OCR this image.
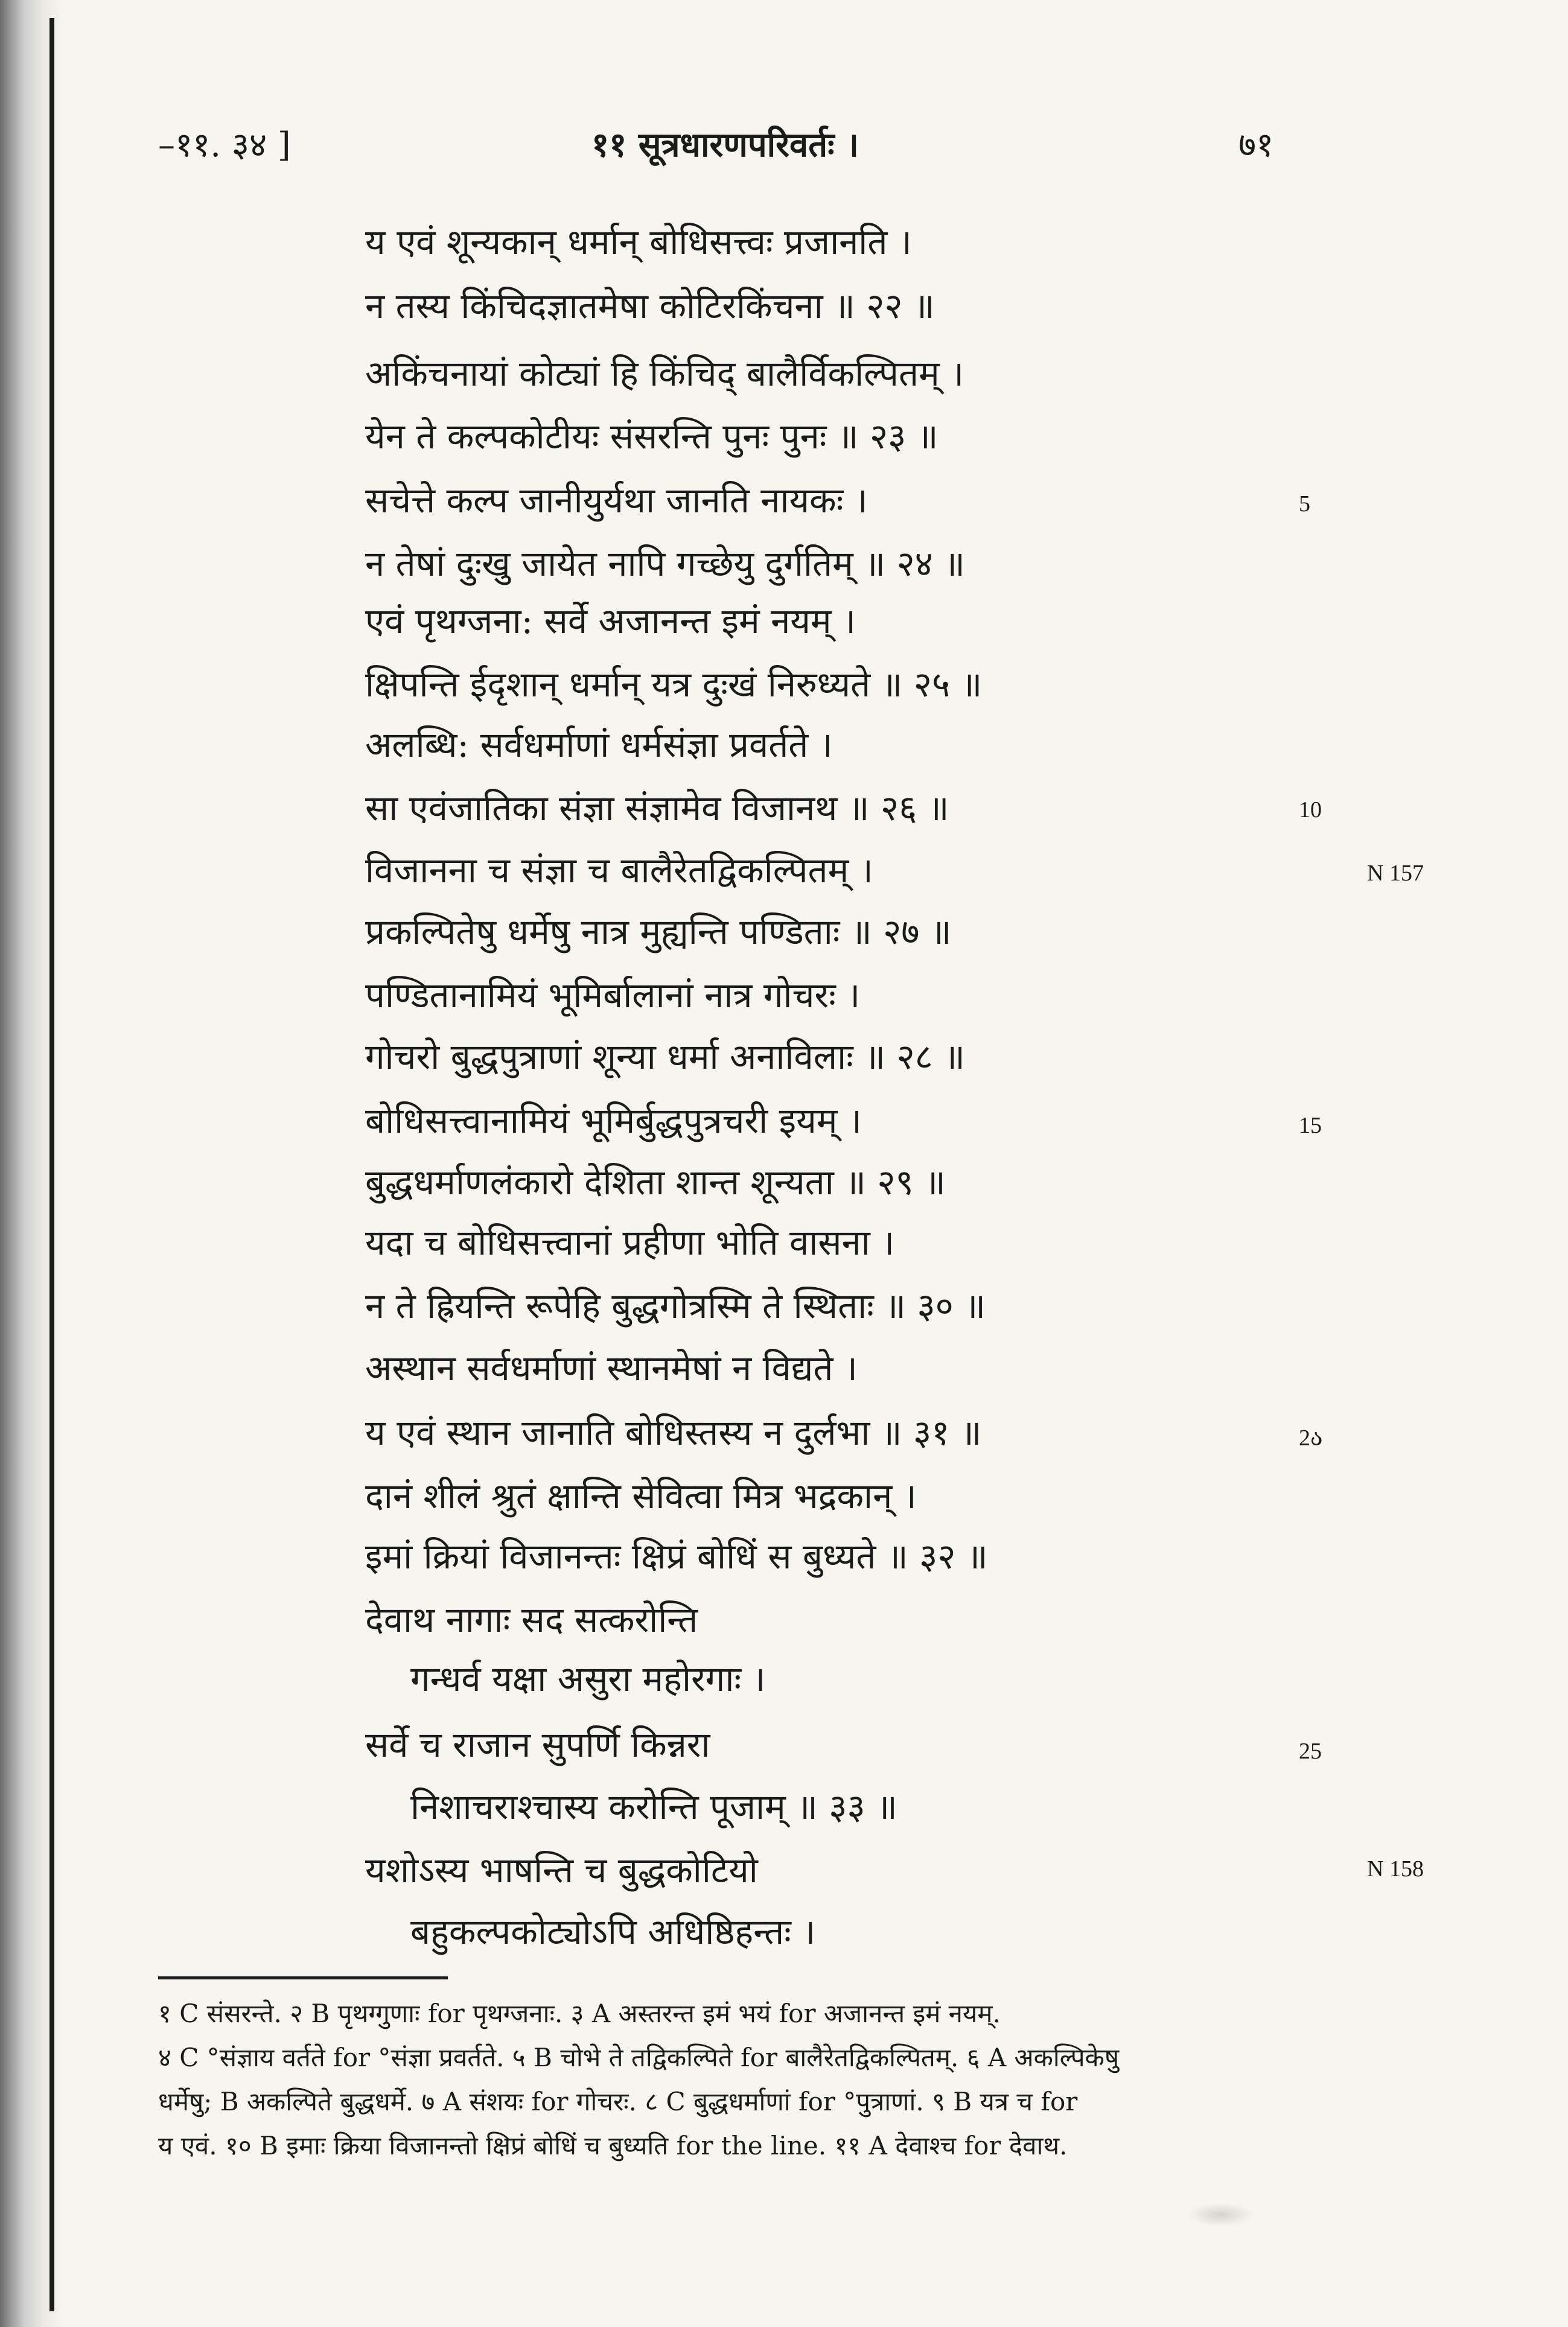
–११. ३४ ]	११ सूत्रधारणपरिवर्तः ।	७१
य एवं शून्यकान् धर्मान् बोधिसत्त्वः प्रजानति ।
न तस्य किंचिदज्ञातमेषा कोटिरकिंचना ॥ २२ ॥
अकिंचनायां कोट्यां हि किंचिद् बालैर्विकल्पितम् ।
येन ते कल्पकोटीयः संसरन्ति पुनः पुनः ॥ २३ ॥
सचेत्ते कल्प जानीयुर्यथा जानति नायकः ।
न तेषां दुःखु जायेत नापि गच्छेयु दुर्गतिम् ॥ २४ ॥
एवं पृथग्जना: सर्वे अजानन्त इमं नयम् ।
क्षिपन्ति ईदृशान् धर्मान् यत्र दुःखं निरुध्यते ॥ २५ ॥
अलब्धि: सर्वधर्माणां धर्मसंज्ञा प्रवर्तते ।
सा एवंजातिका संज्ञा संज्ञामेव विजानथ ॥ २६ ॥
विजानना च संज्ञा च बालैरेतद्विकल्पितम् ।
प्रकल्पितेषु धर्मेषु नात्र मुह्यन्ति पण्डिताः ॥ २७ ॥
पण्डितानामियं भूमिर्बालानां नात्र गोचरः ।
गोचरो बुद्धपुत्राणां शून्या धर्मा अनाविलाः ॥ २८ ॥
बोधिसत्त्वानामियं भूमिर्बुद्धपुत्रचरी इयम् ।
बुद्धधर्माणलंकारो देशिता शान्त शून्यता ॥ २९ ॥
यदा च बोधिसत्त्वानां प्रहीणा भोति वासना ।
न ते ह्रियन्ति रूपेहि बुद्धगोत्रस्मि ते स्थिताः ॥ ३० ॥
अस्थान सर्वधर्माणां स्थानमेषां न विद्यते ।
य एवं स्थान जानाति बोधिस्तस्य न दुर्लभा ॥ ३१ ॥
दानं शीलं श्रुतं क्षान्ति सेवित्वा मित्र भद्रकान् ।
इमां क्रियां विजानन्तः क्षिप्रं बोधिं स बुध्यते ॥ ३२ ॥
देवाथ नागाः सद सत्करोन्ति
गन्धर्व यक्षा असुरा महोरगाः ।
सर्वे च राजान सुपर्णि किन्नरा
निशाचराश्चास्य करोन्ति पूजाम् ॥ ३३ ॥
यशोऽस्य भाषन्ति च बुद्धकोटियो
बहुकल्पकोट्योऽपि अधिष्ठिहन्तः ।
5
10
15
2ა
25
N 157
N 158
१ C संसरन्ते. २ B पृथग्गुणाः for पृथग्जनाः. ३ A अस्तरन्त इमं भयं for अजानन्त इमं नयम्.
४ C °संज्ञाय वर्तते for °संज्ञा प्रवर्तते. ५ B चोभे ते तद्विकल्पिते for बालैरेतद्विकल्पितम्. ६ A अकल्पिकेषु
धर्मेषु; B अकल्पिते बुद्धधर्मे. ७ A संशयः for गोचरः. ८ C बुद्धधर्माणां for °पुत्राणां. ९ B यत्र च for
य एवं. १० B इमाः क्रिया विजानन्तो क्षिप्रं बोधिं च बुध्यति for the line. ११ A देवाश्च for देवाथ.
